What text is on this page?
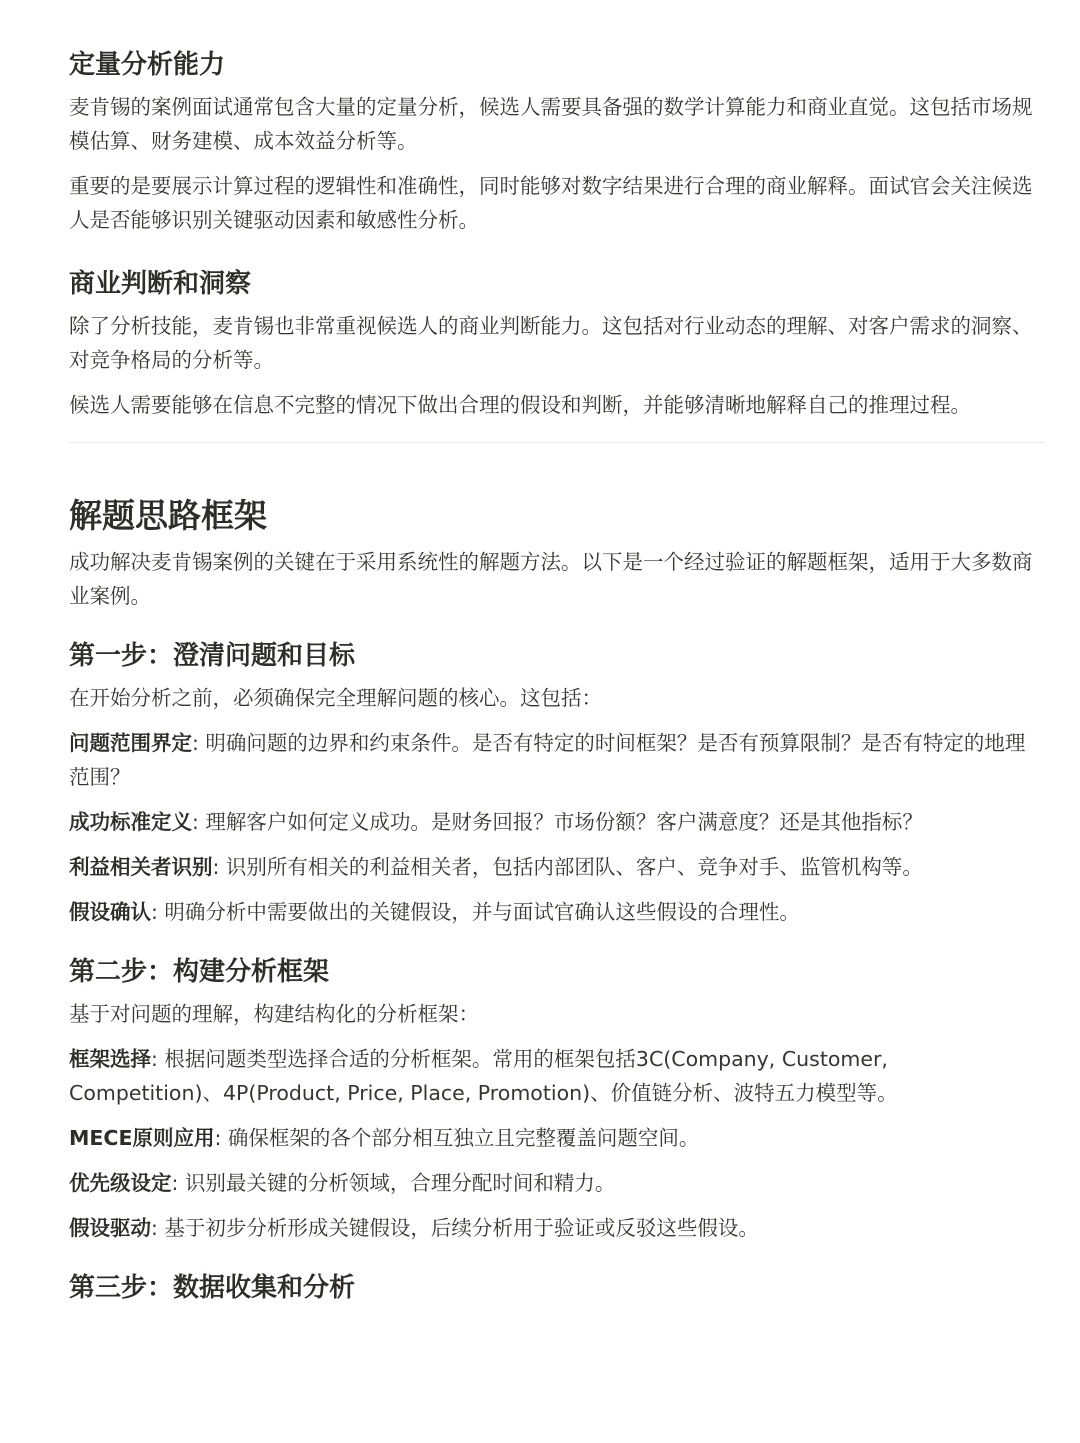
定量分析能力

麦肯锡的案例面试通常包含大量的定量分析，候选人需要具备强的数学计算能力和商业直觉。这包括市场规模估算、财务建模、成本效益分析等。

重要的是要展示计算过程的逻辑性和准确性，同时能够对数字结果进行合理的商业解释。面试官会关注候选人是否能够识别关键驱动因素和敏感性分析。

商业判断和洞察

除了分析技能，麦肯锡也非常重视候选人的商业判断能力。这包括对行业动态的理解、对客户需求的洞察、对竞争格局的分析等。

候选人需要能够在信息不完整的情况下做出合理的假设和判断，并能够清晰地解释自己的推理过程。

解题思路框架

成功解决麦肯锡案例的关键在于采用系统性的解题方法。以下是一个经过验证的解题框架，适用于大多数商业案例。

第一步：澄清问题和目标

在开始分析之前，必须确保完全理解问题的核心。这包括：

问题范围界定: 明确问题的边界和约束条件。是否有特定的时间框架？是否有预算限制？是否有特定的地理范围？

成功标准定义: 理解客户如何定义成功。是财务回报？市场份额？客户满意度？还是其他指标？

利益相关者识别: 识别所有相关的利益相关者，包括内部团队、客户、竞争对手、监管机构等。

假设确认: 明确分析中需要做出的关键假设，并与面试官确认这些假设的合理性。

第二步：构建分析框架

基于对问题的理解，构建结构化的分析框架：

框架选择: 根据问题类型选择合适的分析框架。常用的框架包括3C(Company, Customer, Competition)、4P(Product, Price, Place, Promotion)、价值链分析、波特五力模型等。

MECE原则应用: 确保框架的各个部分相互独立且完整覆盖问题空间。

优先级设定: 识别最关键的分析领域，合理分配时间和精力。

假设驱动: 基于初步分析形成关键假设，后续分析用于验证或反驳这些假设。

第三步：数据收集和分析
